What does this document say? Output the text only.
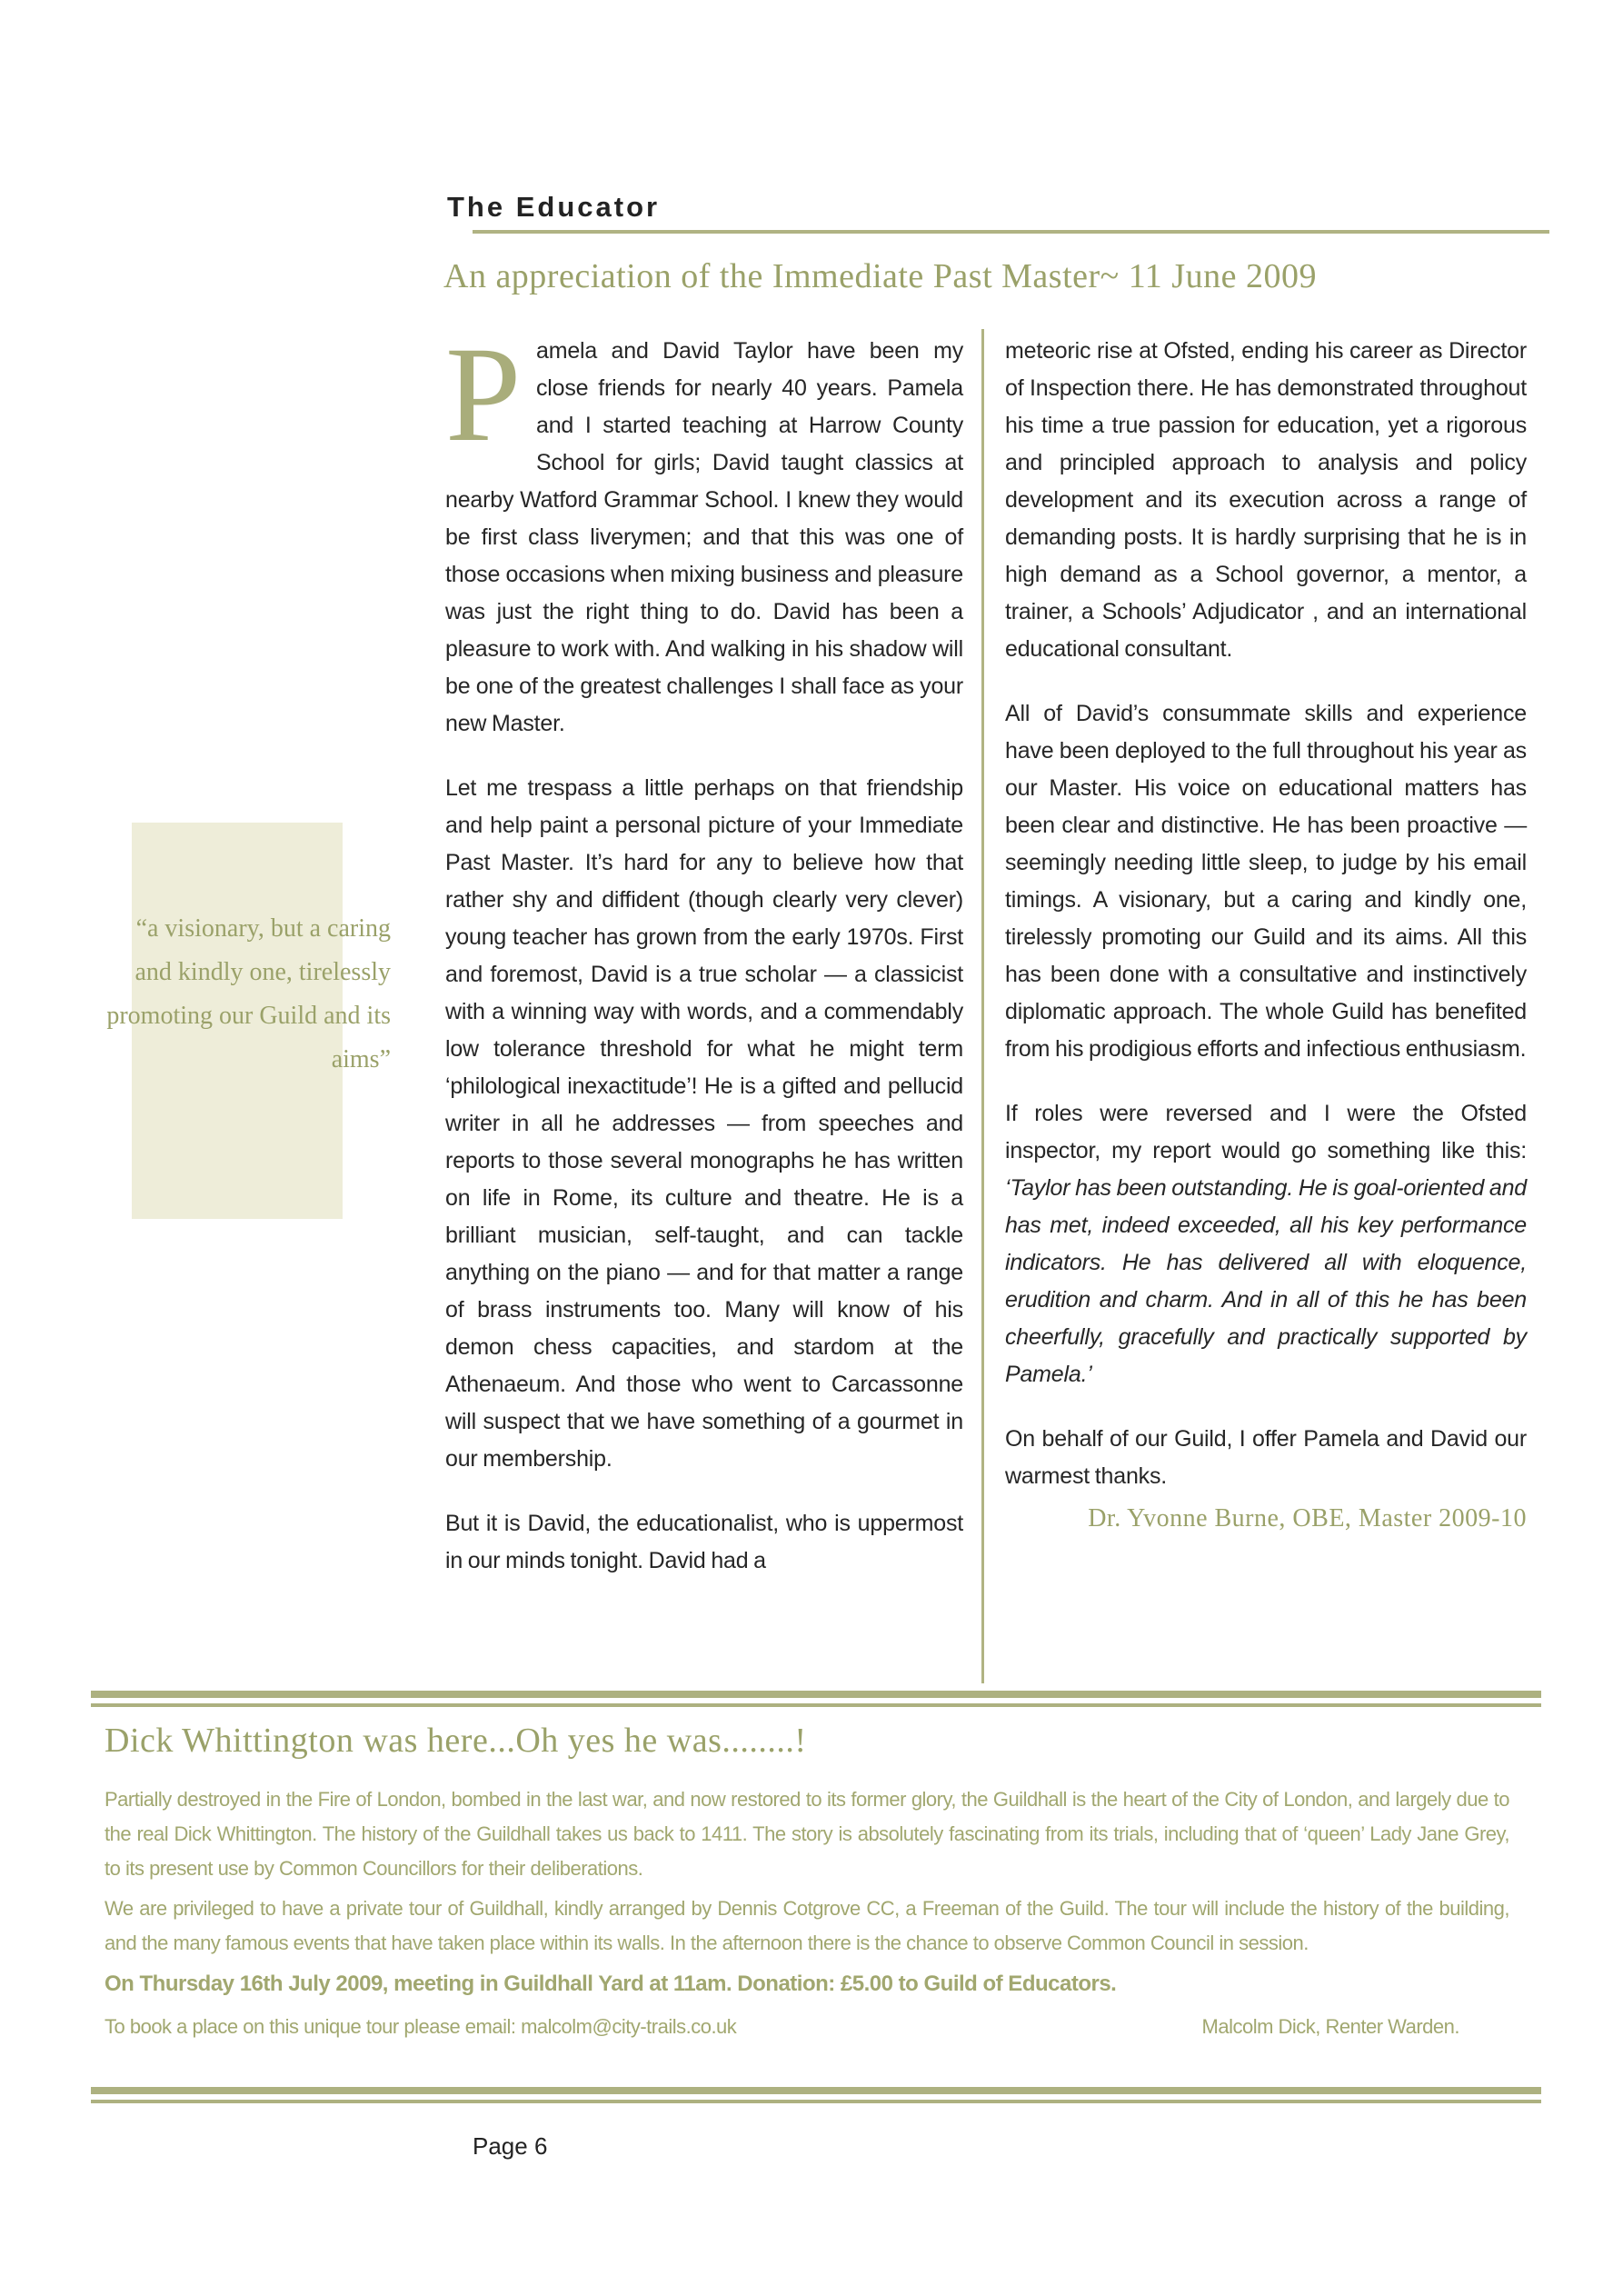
The Educator
An appreciation of the Immediate Past Master~ 11 June 2009
“a visionary, but a caring and kindly one, tirelessly promoting our Guild and its aims”

Pamela and David Taylor have been my close friends for nearly 40 years. Pamela and I started teaching at Harrow County School for girls; David taught classics at nearby Watford Grammar School. I knew they would be first class liverymen; and that this was one of those occasions when mixing business and pleasure was just the right thing to do. David has been a pleasure to work with. And walking in his shadow will be one of the greatest challenges I shall face as your new Master.

Let me trespass a little perhaps on that friendship and help paint a personal picture of your Immediate Past Master. It’s hard for any to believe how that rather shy and diffident (though clearly very clever) young teacher has grown from the early 1970s. First and foremost, David is a true scholar — a classicist with a winning way with words, and a commendably low tolerance threshold for what he might term ‘philological inexactitude’! He is a gifted and pellucid writer in all he addresses — from speeches and reports to those several monographs he has written on life in Rome, its culture and theatre. He is a brilliant musician, self-taught, and can tackle anything on the piano — and for that matter a range of brass instruments too. Many will know of his demon chess capacities, and stardom at the Athenaeum. And those who went to Carcassonne will suspect that we have something of a gourmet in our membership.

But it is David, the educationalist, who is uppermost in our minds tonight. David had a

meteoric rise at Ofsted, ending his career as Director of Inspection there. He has demonstrated throughout his time a true passion for education, yet a rigorous and principled approach to analysis and policy development and its execution across a range of demanding posts. It is hardly surprising that he is in high demand as a School governor, a mentor, a trainer, a Schools’ Adjudicator , and an international educational consultant.

All of David’s consummate skills and experience have been deployed to the full throughout his year as our Master. His voice on educational matters has been clear and distinctive. He has been proactive — seemingly needing little sleep, to judge by his email timings. A visionary, but a caring and kindly one, tirelessly promoting our Guild and its aims. All this has been done with a consultative and instinctively diplomatic approach. The whole Guild has benefited from his prodigious efforts and infectious enthusiasm.

If roles were reversed and I were the Ofsted inspector, my report would go something like this: ‘Taylor has been outstanding. He is goal-oriented and has met, indeed exceeded, all his key performance indicators. He has delivered all with eloquence, erudition and charm. And in all of this he has been cheerfully, gracefully and practically supported by Pamela.’

On behalf of our Guild, I offer Pamela and David our warmest thanks.

Dr. Yvonne Burne, OBE, Master 2009-10
Dick Whittington was here...Oh yes he was........!

Partially destroyed in the Fire of London, bombed in the last war, and now restored to its former glory, the Guildhall is the heart of the City of London, and largely due to the real Dick Whittington. The history of the Guildhall takes us back to 1411. The story is absolutely fascinating from its trials, including that of ‘queen’ Lady Jane Grey, to its present use by Common Councillors for their deliberations.

We are privileged to have a private tour of Guildhall, kindly arranged by Dennis Cotgrove CC, a Freeman of the Guild. The tour will include the history of the building, and the many famous events that have taken place within its walls. In the afternoon there is the chance to observe Common Council in session.

On Thursday 16th July 2009, meeting in Guildhall Yard at 11am. Donation: £5.00 to Guild of Educators.
To book a place on this unique tour please email: malcolm@city-trails.co.uk	Malcolm Dick, Renter Warden.
Page 6
